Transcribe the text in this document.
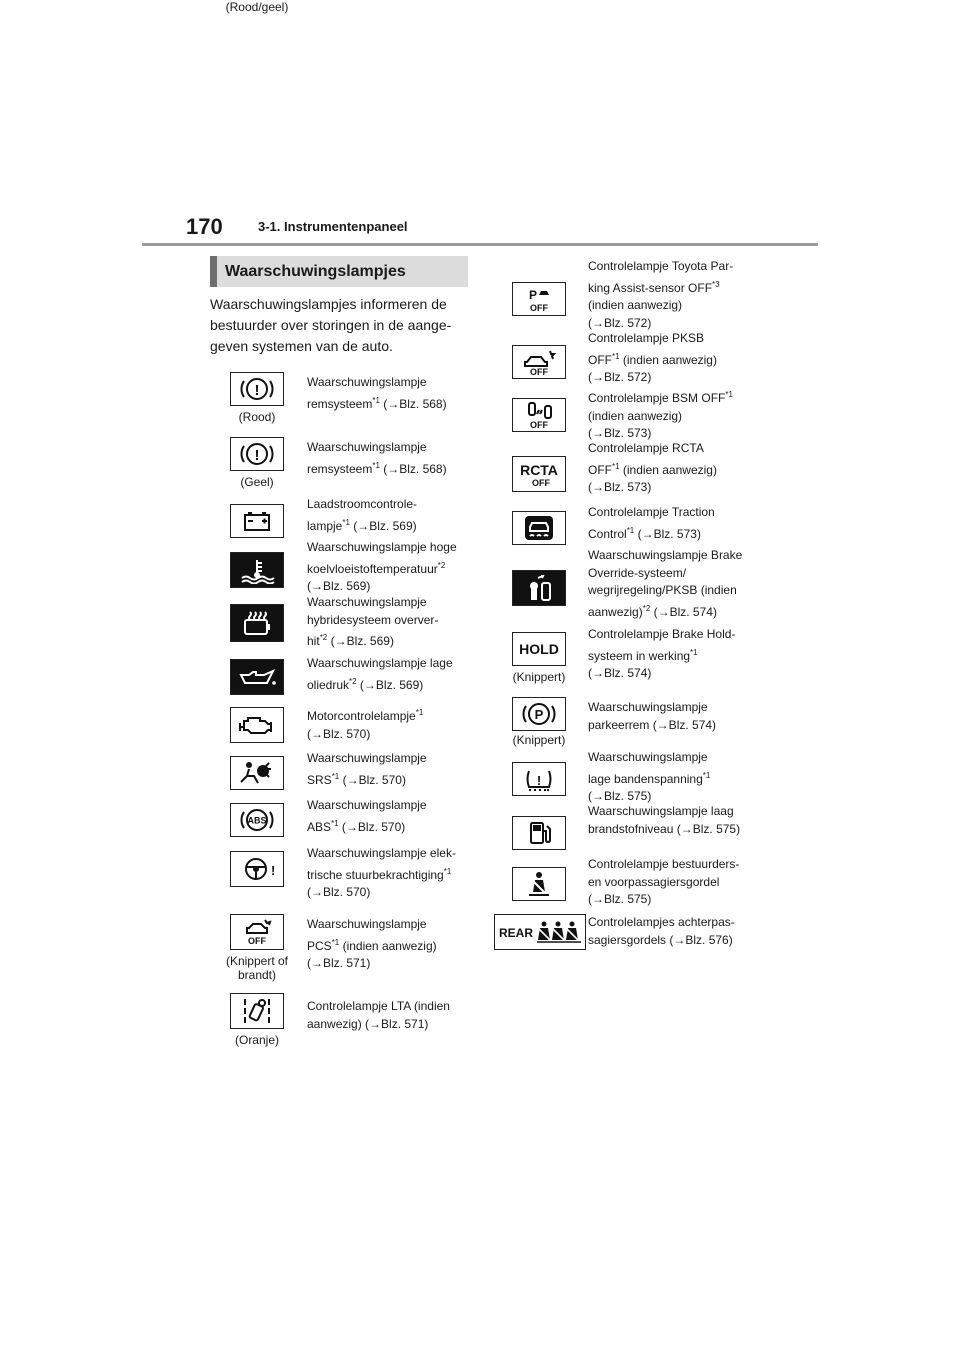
170	3-1. Instrumentenpaneel
Waarschuwingslampjes
Waarschuwingslampjes informeren de bestuurder over storingen in de aange-geven systemen van de auto.
!
(Rood)
Waarschuwingslampje
remsysteem$^{*1}$ (→Blz. 568)
!
(Geel)
Waarschuwingslampje
remsysteem$^{*1}$ (→Blz. 568)
Laadstroomcontrole-
lampje$^{*1}$ (→Blz. 569)
Waarschuwingslampje hoge
koelvloeistoftemperatuur$^{*2}$
(→Blz. 569)
Waarschuwingslampje hybridesysteem overver-
hit$^{*2}$ (→Blz. 569)
Waarschuwingslampje lage
oliedruk$^{*2}$ (→Blz. 569)
Motorcontrolelampje$^{*1}$
(→Blz. 570)
Waarschuwingslampje
SRS$^{*1}$ (→Blz. 570)
ABS
Waarschuwingslampje
ABS$^{*1}$ (→Blz. 570)
!
(Rood/geel)
Waarschuwingslampje elek-
trische stuurbekrachtiging$^{*1}$
(→Blz. 570)
OFF
(Knippert of brandt)
Waarschuwingslampje
PCS$^{*1}$ (indien aanwezig)
(→Blz. 571)
(Oranje)
Controlelampje LTA (indien aanwezig) (→Blz. 571)
P
OFF
Controlelampje Toyota Par-
king Assist-sensor OFF$^{*3}$
(indien aanwezig)
(→Blz. 572)
OFF
Controlelampje PKSB
OFF$^{*1}$ (indien aanwezig)
(→Blz. 572)
OFF
Controlelampje BSM OFF$^{*1}$
(indien aanwezig)
(→Blz. 573)
RCTA
OFF
Controlelampje RCTA
OFF$^{*1}$ (indien aanwezig)
(→Blz. 573)
Controlelampje Traction
Control$^{*1}$ (→Blz. 573)
Waarschuwingslampje Brake Override-systeem/ wegrijregeling/PKSB (indien
aanwezig)$^{*2}$ (→Blz. 574)
HOLD
(Knippert)
Controlelampje Brake Hold-
systeem in werking$^{*1}$
(→Blz. 574)
P
(Knippert)
Waarschuwingslampje parkeerrem (→Blz. 574)
!
Waarschuwingslampje
lage bandenspanning$^{*1}$
(→Blz. 575)
Waarschuwingslampje laag brandstofniveau (→Blz. 575)
Controlelampje bestuurders- en voorpassagiersgordel (→Blz. 575)
REAR
Controlelampjes achterpas- sagiersgordels (→Blz. 576)
